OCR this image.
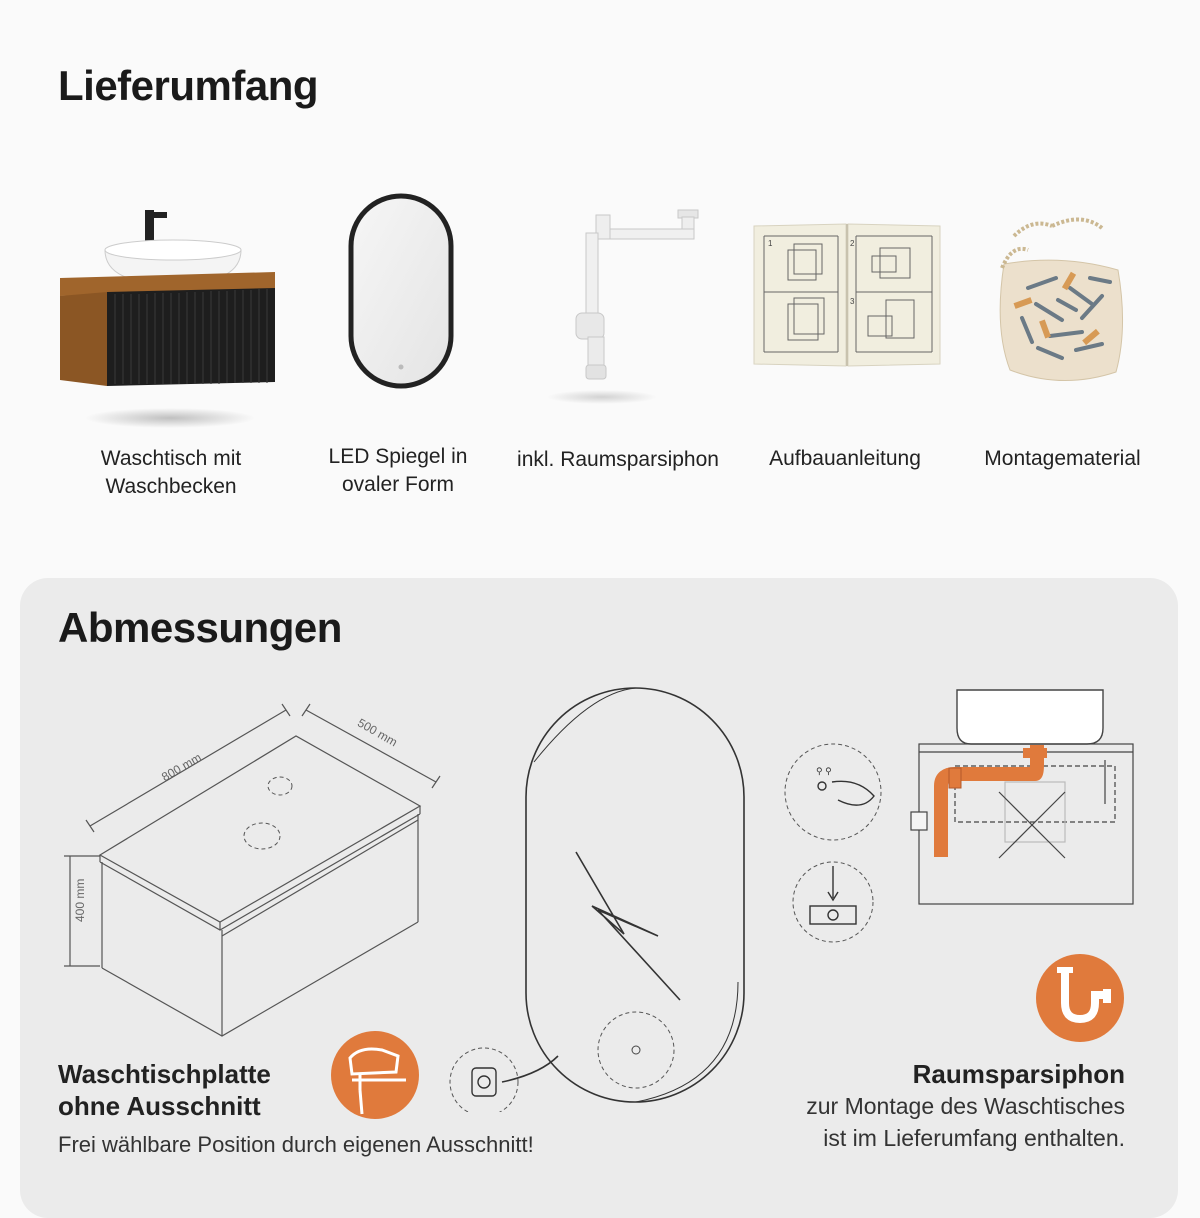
Lieferumfang
1	2
3
Waschtisch mit
Waschbecken
LED Spiegel in
ovaler Form
inkl. Raumsparsiphon	Aufbauanleitung	Montagematerial
Abmessungen
800 mm
500 mm
400 mm
⚲ ⚲
Waschtischplatte
ohne Ausschnitt
Frei wählbare Position durch eigenen Ausschnitt!
Raumsparsiphon
zur Montage des Waschtisches
ist im Lieferumfang enthalten.
